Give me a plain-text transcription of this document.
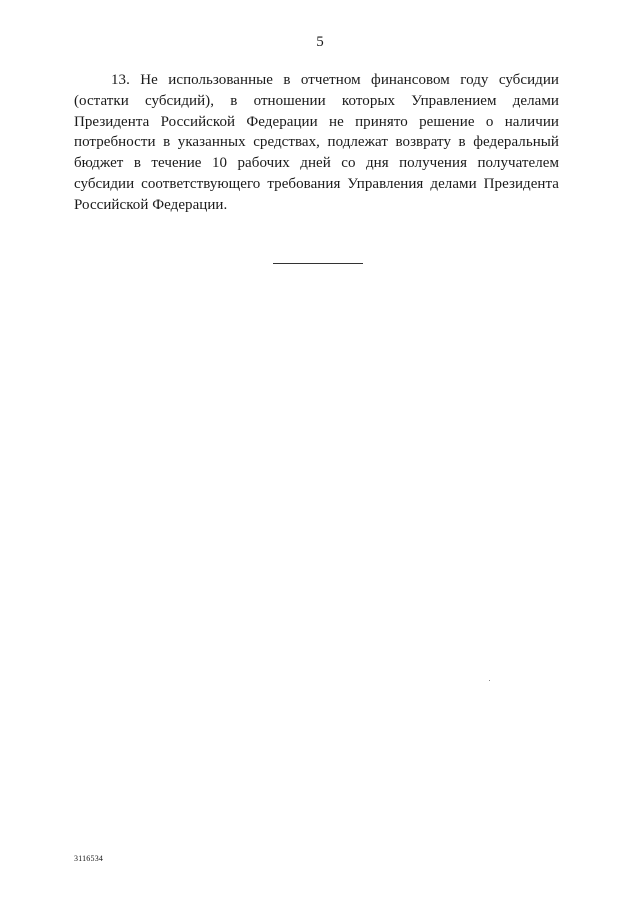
5

13. Не использованные в отчетном финансовом году субсидии (остатки субсидий), в отношении которых Управлением делами Президента Российской Федерации не принято решение о наличии потребности в указанных средствах, подлежат возврату в федеральный бюджет в течение 10 рабочих дней со дня получения получателем субсидии соответствующего требования Управления делами Президента Российской Федерации.

3116534
